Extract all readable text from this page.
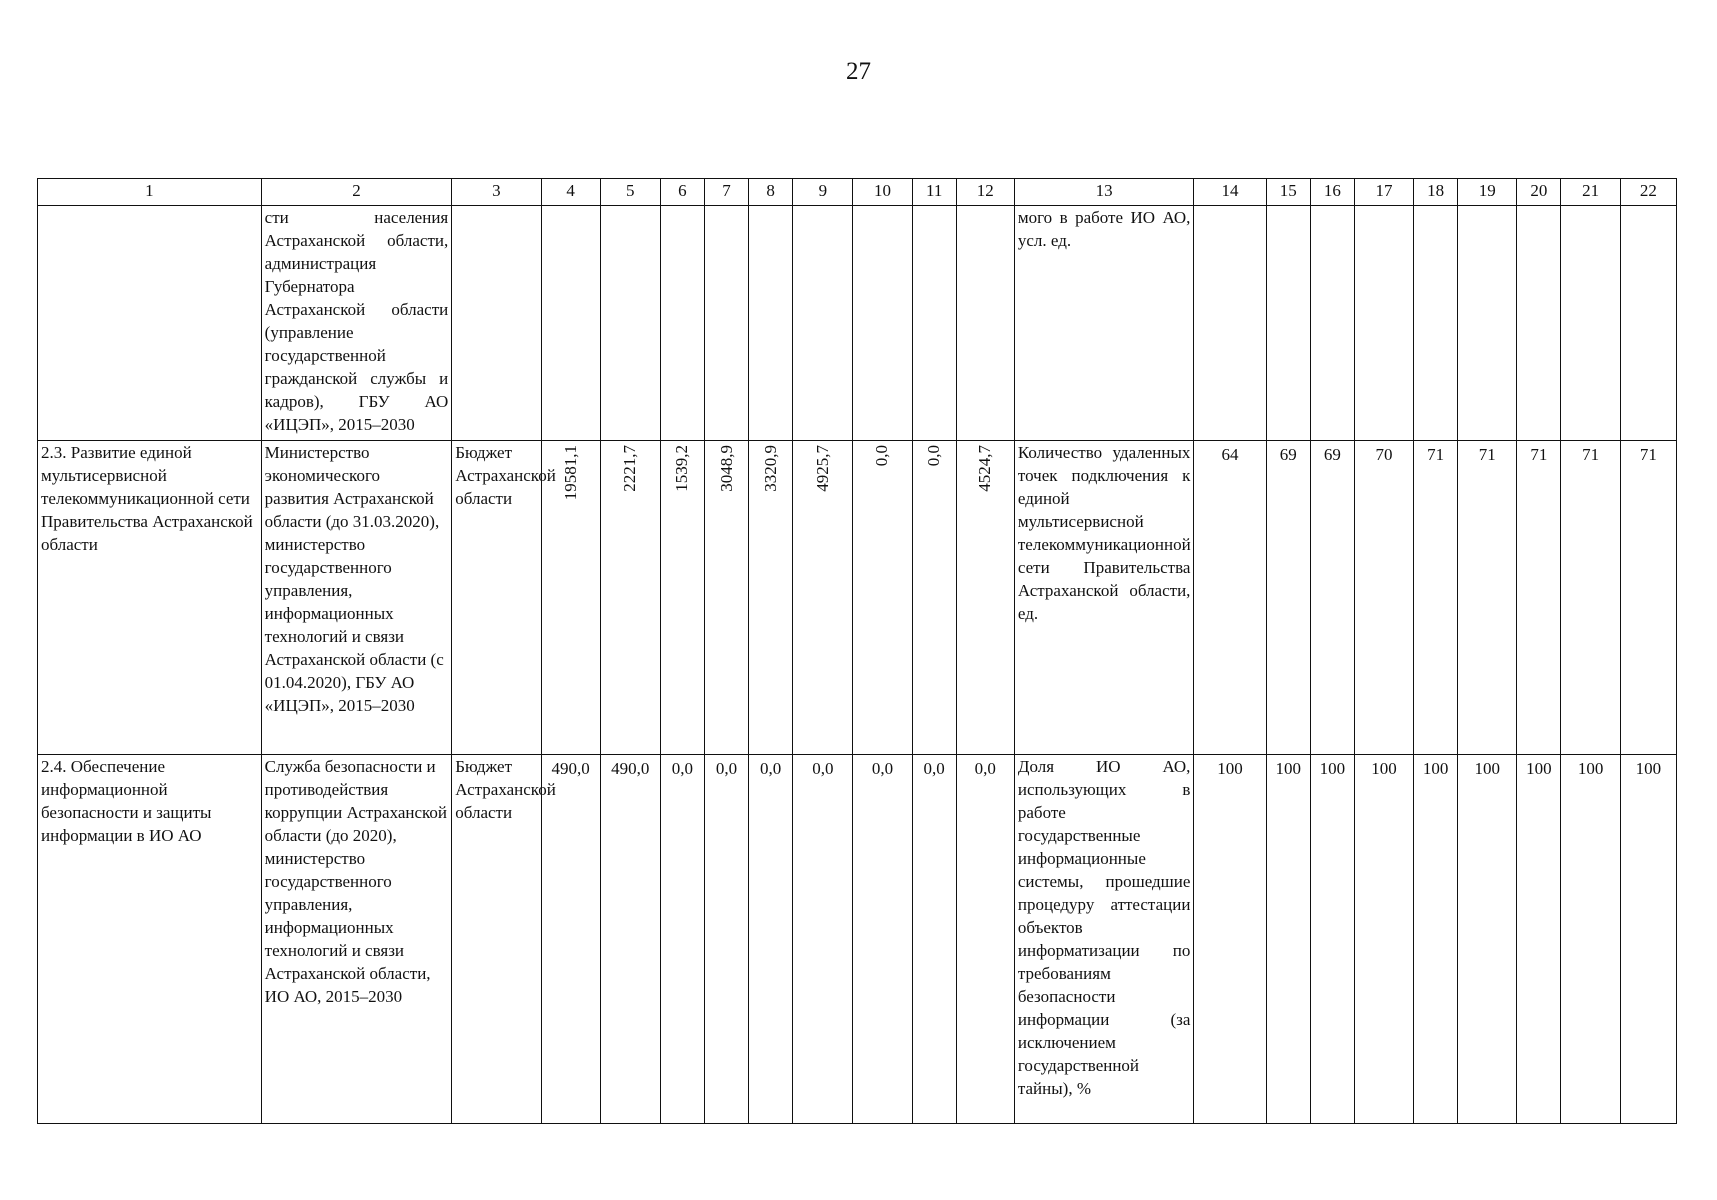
27
1	2	3	4	5	6	7	8	9	10	11	12	13	14	15	16	17	18	19	20	21	22
	сти населения Астраханской области, администрация Губернатора Астраханской области (управление государственной гражданской службы и кадров), ГБУ АО «ИЦЭП», 2015–2030											мого в работе ИО АО, усл. ед.									
2.3. Развитие единой мультисервисной телекоммуникационной сети Правительства Астраханской области	Министерство экономического развития Астраханской области (до 31.03.2020), министерство государственного управления, информационных технологий и связи Астраханской области (с 01.04.2020), ГБУ АО «ИЦЭП», 2015–2030	Бюджет Астраханской области	19581,1	2221,7	1539,2	3048,9	3320,9	4925,7	0,0	0,0	4524,7	Количество удаленных точек подключения к единой мультисервисной телекоммуникационной сети Правительства Астраханской области, ед.	64	69	69	70	71	71	71	71	71
2.4. Обеспечение информационной безопасности и защиты информации в ИО АО	Служба безопасности и противодействия коррупции Астраханской области (до 2020), министерство государственного управления, информационных технологий и связи Астраханской области, ИО АО, 2015–2030	Бюджет Астраханской области	490,0	490,0	0,0	0,0	0,0	0,0	0,0	0,0	0,0	Доля ИО АО, использующих в работе государственные информационные системы, прошедшие процедуру аттестации объектов информатизации по требованиям безопасности информации (за исключением государственной тайны), %	100	100	100	100	100	100	100	100	100
